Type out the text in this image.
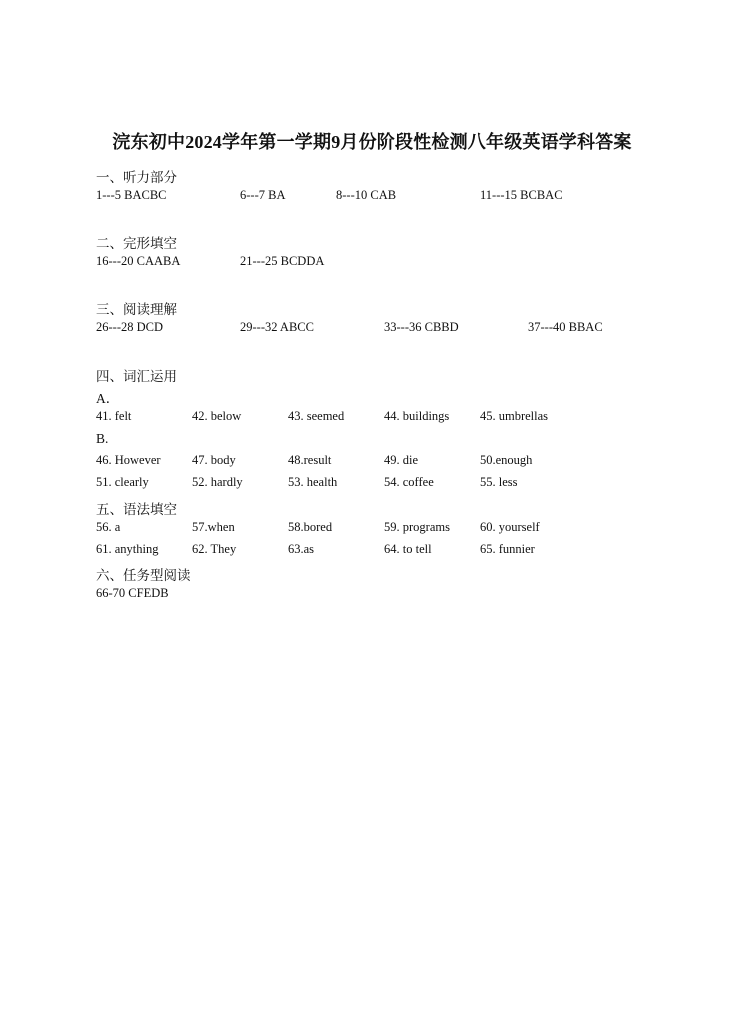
浣东初中2024学年第一学期9月份阶段性检测八年级英语学科答案
一、听力部分
1---5 BACBC	6---7 BA	8---10 CAB	11---15 BCBAC
二、完形填空
16---20 CAABA	21---25 BCDDA
三、阅读理解
26---28 DCD	29---32 ABCC	33---36 CBBD	37---40 BBAC
四、词汇运用
A．
41. felt	42. below	43. seemed	44. buildings 45. umbrellas
B.
46. However	47. body	48.result	49. die	50.enough
51. clearly	52. hardly	53. health	54. coffee	55. less
五、语法填空
56. a	57.when	58.bored	59. programs 60. yourself
61. anything	62. They	63.as	64. to tell	65. funnier
六、任务型阅读
66-70 CFEDB
